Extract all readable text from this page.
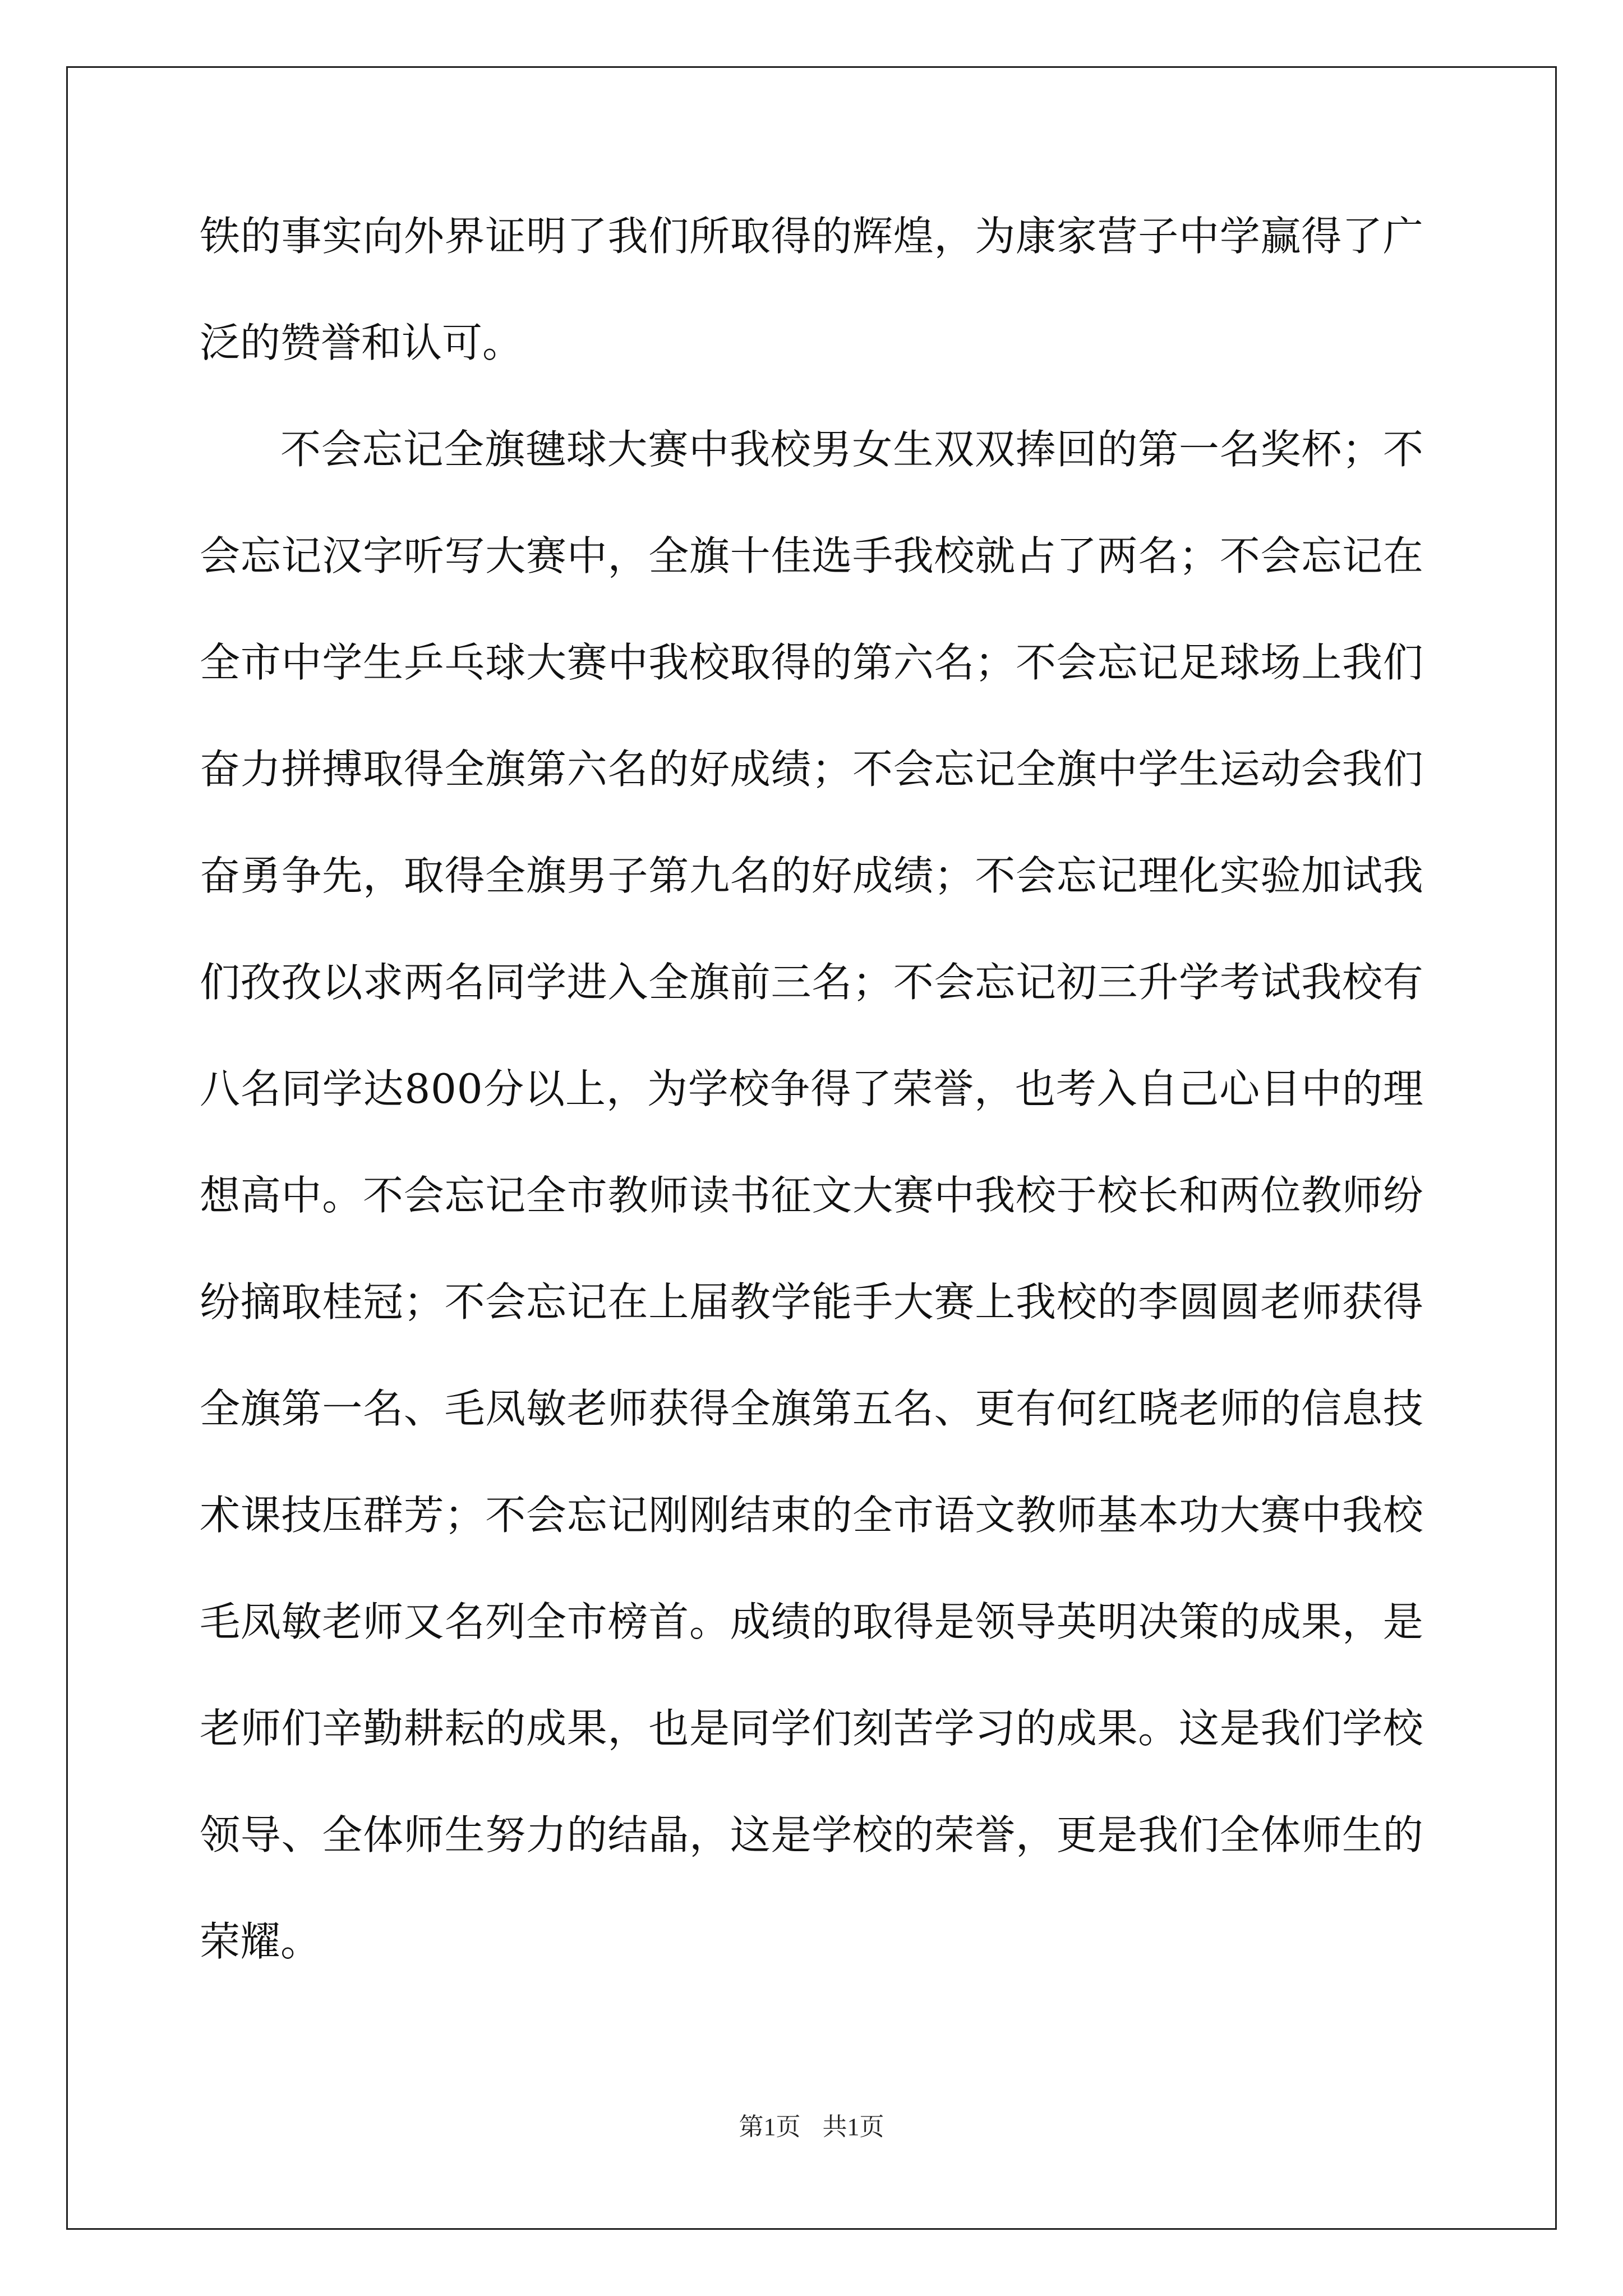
铁 的 事 实 向 外 界 证 明 了 我 们 所 取 得 的 辉 煌 ， 为 康 家 营 子 中 学 赢 得 了 广
泛的赞誉和认可。
不 会 忘 记 全 旗 毽 球 大 赛 中 我 校 男 女 生 双 双 捧 回 的 第 一 名 奖 杯 ； 不
会 忘 记 汉 字 听 写 大 赛 中 ， 全 旗 十 佳 选 手 我 校 就 占 了 两 名 ； 不 会 忘 记 在
全 市 中 学 生 乒 乓 球 大 赛 中 我 校 取 得 的 第 六 名 ； 不 会 忘 记 足 球 场 上 我 们
奋 力 拼 搏 取 得 全 旗 第 六 名 的 好 成 绩 ； 不 会 忘 记 全 旗 中 学 生 运 动 会 我 们
奋 勇 争 先 ， 取 得 全 旗 男 子 第 九 名 的 好 成 绩 ； 不 会 忘 记 理 化 实 验 加 试 我
们 孜 孜 以 求 两 名 同 学 进 入 全 旗 前 三 名 ； 不 会 忘 记 初 三 升 学 考 试 我 校 有
八 名 同 学 达 8 0 0 分 以 上 ， 为 学 校 争 得 了 荣 誉 ， 也 考 入 自 己 心 目 中 的 理
想 高 中 。 不 会 忘 记 全 市 教 师 读 书 征 文 大 赛 中 我 校 于 校 长 和 两 位 教 师 纷
纷 摘 取 桂 冠 ； 不 会 忘 记 在 上 届 教 学 能 手 大 赛 上 我 校 的 李 圆 圆 老 师 获 得
全 旗 第 一 名 、 毛 凤 敏 老 师 获 得 全 旗 第 五 名 、 更 有 何 红 晓 老 师 的 信 息 技
术 课 技 压 群 芳 ； 不 会 忘 记 刚 刚 结 束 的 全 市 语 文 教 师 基 本 功 大 赛 中 我 校
毛 凤 敏 老 师 又 名 列 全 市 榜 首 。 成 绩 的 取 得 是 领 导 英 明 决 策 的 成 果 ， 是
老 师 们 辛 勤 耕 耘 的 成 果 ， 也 是 同 学 们 刻 苦 学 习 的 成 果 。 这 是 我 们 学 校
领 导 、 全 体 师 生 努 力 的 结 晶 ， 这 是 学 校 的 荣 誉 ， 更 是 我 们 全 体 师 生 的
荣耀。
第1页 共1页
